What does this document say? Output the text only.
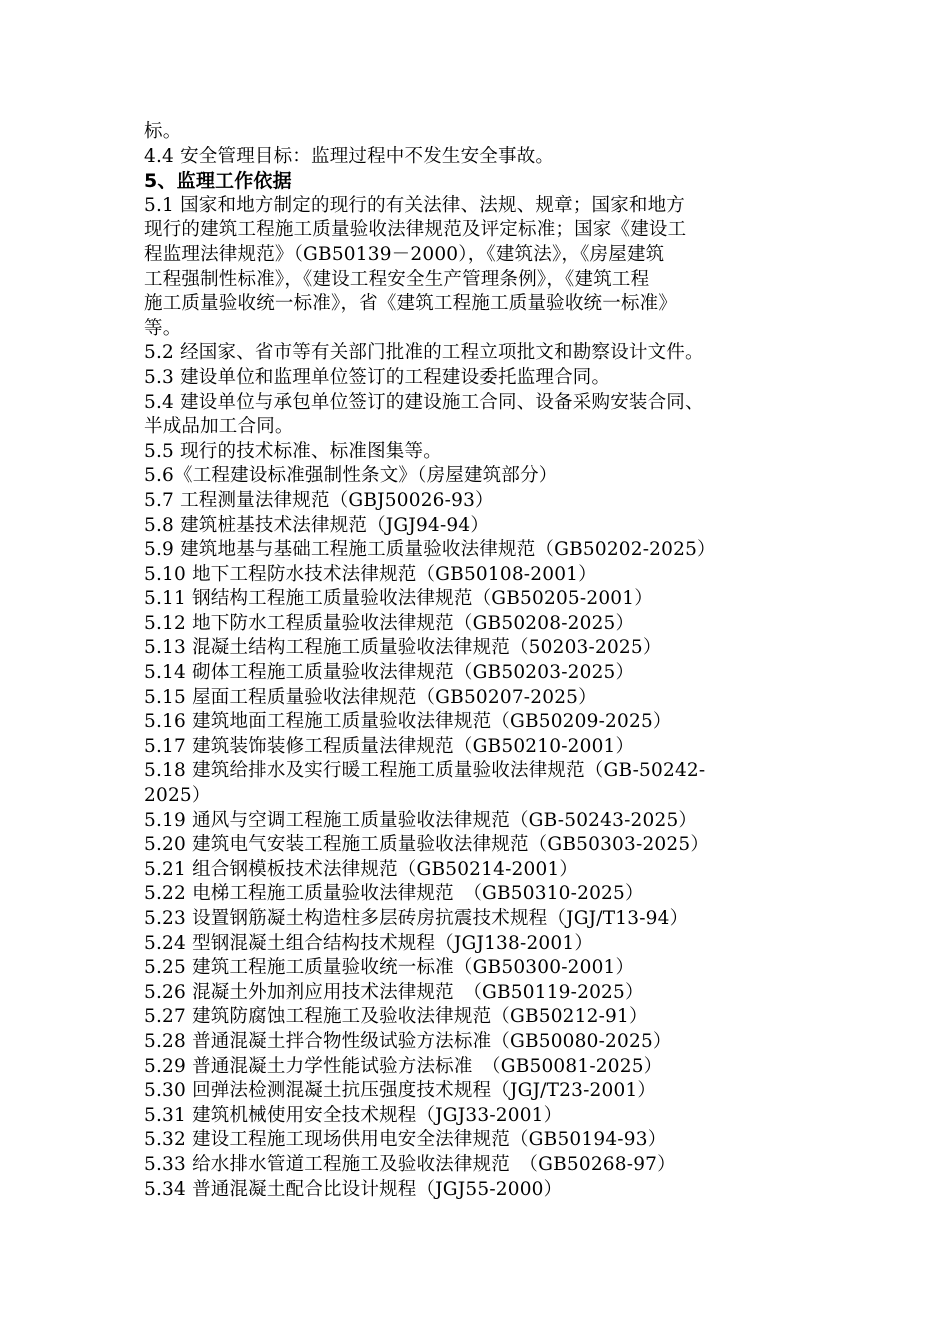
标。
4.4 安全管理目标：监理过程中不发生安全事故。
5、监理工作依据
5.1 国家和地方制定的现行的有关法律、法规、规章；国家和地方
现行的建筑工程施工质量验收法律规范及评定标准；国家《建设工
程监理法律规范》（GB50139－2000），《建筑法》，《房屋建筑
工程强制性标准》，《建设工程安全生产管理条例》，《建筑工程
施工质量验收统一标准》，省《建筑工程施工质量验收统一标准》
等。
5.2 经国家、省市等有关部门批准的工程立项批文和勘察设计文件。
5.3 建设单位和监理单位签订的工程建设委托监理合同。
5.4 建设单位与承包单位签订的建设施工合同、设备采购安装合同、
半成品加工合同。
5.5 现行的技术标准、标准图集等。
5.6《工程建设标准强制性条文》（房屋建筑部分）
5.7 工程测量法律规范（GBJ50026-93）
5.8 建筑桩基技术法律规范（JGJ94-94）
5.9 建筑地基与基础工程施工质量验收法律规范（GB50202-2025）
5.10 地下工程防水技术法律规范（GB50108-2001）
5.11 钢结构工程施工质量验收法律规范（GB50205-2001）
5.12 地下防水工程质量验收法律规范（GB50208-2025）
5.13 混凝土结构工程施工质量验收法律规范（50203-2025）
5.14 砌体工程施工质量验收法律规范（GB50203-2025）
5.15 屋面工程质量验收法律规范（GB50207-2025）
5.16 建筑地面工程施工质量验收法律规范（GB50209-2025）
5.17 建筑装饰装修工程质量法律规范（GB50210-2001）
5.18 建筑给排水及实行暖工程施工质量验收法律规范（GB-50242-
2025）
5.19 通风与空调工程施工质量验收法律规范（GB-50243-2025）
5.20 建筑电气安装工程施工质量验收法律规范（GB50303-2025）
5.21 组合钢模板技术法律规范（GB50214-2001）
5.22 电梯工程施工质量验收法律规范　（GB50310-2025）
5.23 设置钢筋凝土构造柱多层砖房抗震技术规程（JGJ/T13-94）
5.24 型钢混凝土组合结构技术规程（JGJ138-2001）
5.25 建筑工程施工质量验收统一标准（GB50300-2001）
5.26 混凝土外加剂应用技术法律规范　（GB50119-2025）
5.27 建筑防腐蚀工程施工及验收法律规范（GB50212-91）
5.28 普通混凝土拌合物性级试验方法标准（GB50080-2025）
5.29 普通混凝土力学性能试验方法标准　（GB50081-2025）
5.30 回弹法检测混凝土抗压强度技术规程（JGJ/T23-2001）
5.31 建筑机械使用安全技术规程（JGJ33-2001）
5.32 建设工程施工现场供用电安全法律规范（GB50194-93）
5.33 给水排水管道工程施工及验收法律规范　（GB50268-97）
5.34 普通混凝土配合比设计规程（JGJ55-2000）
